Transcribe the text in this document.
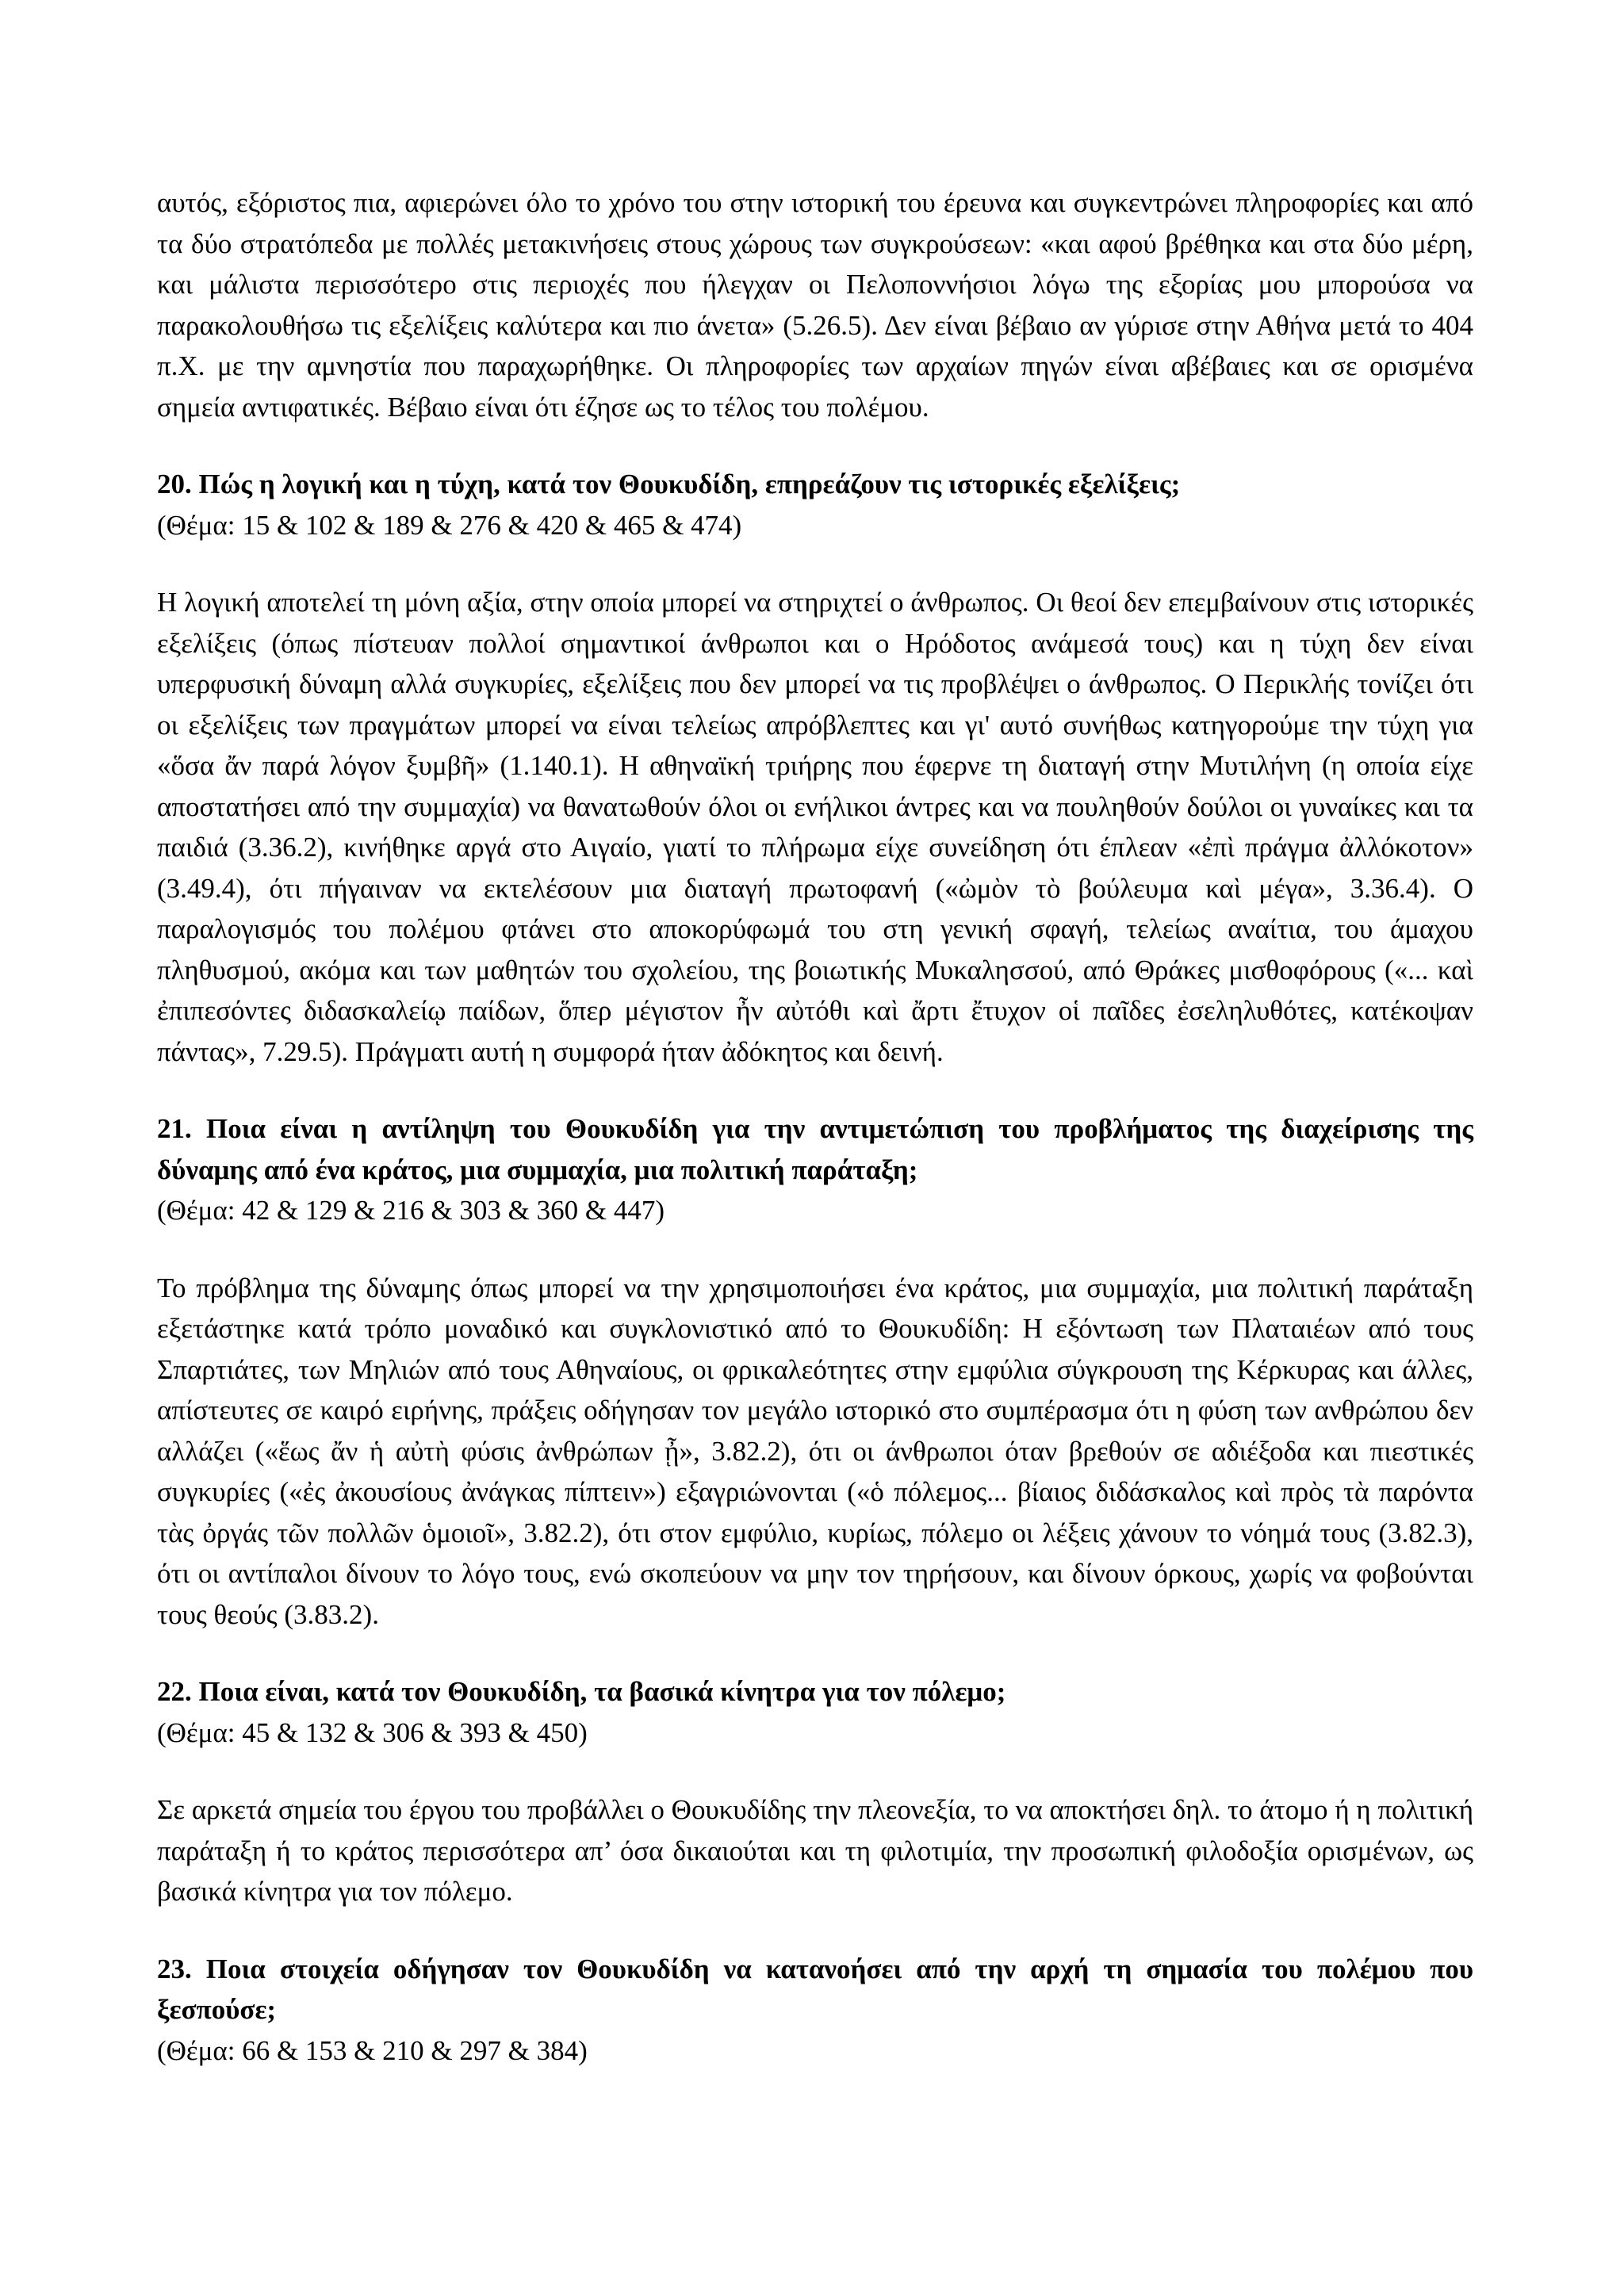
αυτός, εξόριστος πια, αφιερώνει όλο το χρόνο του στην ιστορική του έρευνα και συγκεντρώνει πληροφορίες και από τα δύο στρατόπεδα με πολλές μετακινήσεις στους χώρους των συγκρούσεων: «και αφού βρέθηκα και στα δύο μέρη, και μάλιστα περισσότερο στις περιοχές που ήλεγχαν οι Πελοποννήσιοι λόγω της εξορίας μου μπορούσα να παρακολουθήσω τις εξελίξεις καλύτερα και πιο άνετα» (5.26.5). Δεν είναι βέβαιο αν γύρισε στην Αθήνα μετά το 404 π.Χ. με την αμνηστία που παραχωρήθηκε. Οι πληροφορίες των αρχαίων πηγών είναι αβέβαιες και σε ορισμένα σημεία αντιφατικές. Βέβαιο είναι ότι έζησε ως το τέλος του πολέμου.

20. Πώς η λογική και η τύχη, κατά τον Θουκυδίδη, επηρεάζουν τις ιστορικές εξελίξεις;

(Θέμα: 15 & 102 & 189 & 276 & 420 & 465 & 474)

Η λογική αποτελεί τη μόνη αξία, στην οποία μπορεί να στηριχτεί ο άνθρωπος. Οι θεοί δεν επεμβαίνουν στις ιστορικές εξελίξεις (όπως πίστευαν πολλοί σημαντικοί άνθρωποι και ο Ηρόδοτος ανάμεσά τους) και η τύχη δεν είναι υπερφυσική δύναμη αλλά συγκυρίες, εξελίξεις που δεν μπορεί να τις προβλέψει ο άνθρωπος. Ο Περικλής τονίζει ότι οι εξελίξεις των πραγμάτων μπορεί να είναι τελείως απρόβλεπτες και γι' αυτό συνήθως κατηγορούμε την τύχη για «ὅσα ἄν παρά λόγον ξυμβῆ» (1.140.1). Η αθηναϊκή τριήρης που έφερνε τη διαταγή στην Μυτιλήνη (η οποία είχε αποστατήσει από την συμμαχία) να θανατωθούν όλοι οι ενήλικοι άντρες και να πουληθούν δούλοι οι γυναίκες και τα παιδιά (3.36.2), κινήθηκε αργά στο Αιγαίο, γιατί το πλήρωμα είχε συνείδηση ότι έπλεαν «ἐπὶ πράγμα ἀλλόκοτον» (3.49.4), ότι πήγαιναν να εκτελέσουν μια διαταγή πρωτοφανή («ὠμὸν τὸ βούλευμα καὶ μέγα», 3.36.4). Ο παραλογισμός του πολέμου φτάνει στο αποκορύφωμά του στη γενική σφαγή, τελείως αναίτια, του άμαχου πληθυσμού, ακόμα και των μαθητών του σχολείου, της βοιωτικής Μυκαλησσού, από Θράκες μισθοφόρους («... καὶ ἐπιπεσόντες διδασκαλείῳ παίδων, ὅπερ μέγιστον ἦν αὐτόθι καὶ ἄρτι ἔτυχον οἱ παῖδες ἐσεληλυθότες, κατέκοψαν πάντας», 7.29.5). Πράγματι αυτή η συμφορά ήταν ἀδόκητος και δεινή.

21. Ποια είναι η αντίληψη του Θουκυδίδη για την αντιμετώπιση του προβλήματος της διαχείρισης της δύναμης από ένα κράτος, μια συμμαχία, μια πολιτική παράταξη;

(Θέμα: 42 & 129 & 216 & 303 & 360 & 447)

Το πρόβλημα της δύναμης όπως μπορεί να την χρησιμοποιήσει ένα κράτος, μια συμμαχία, μια πολιτική παράταξη εξετάστηκε κατά τρόπο μοναδικό και συγκλονιστικό από το Θουκυδίδη: Η εξόντωση των Πλαταιέων από τους Σπαρτιάτες, των Μηλιών από τους Αθηναίους, οι φρικαλεότητες στην εμφύλια σύγκρουση της Κέρκυρας και άλλες, απίστευτες σε καιρό ειρήνης, πράξεις οδήγησαν τον μεγάλο ιστορικό στο συμπέρασμα ότι η φύση των ανθρώπου δεν αλλάζει («ἕως ἄν ἡ αὐτὴ φύσις ἀνθρώπων ᾖ», 3.82.2), ότι οι άνθρωποι όταν βρεθούν σε αδιέξοδα και πιεστικές συγκυρίες («ἐς ἀκουσίους ἀνάγκας πίπτειν») εξαγριώνονται («ὁ πόλεμος... βίαιος διδάσκαλος καὶ πρὸς τὰ παρόντα τὰς ὀργάς τῶν πολλῶν ὁμοιοῖ», 3.82.2), ότι στον εμφύλιο, κυρίως, πόλεμο οι λέξεις χάνουν το νόημά τους (3.82.3), ότι οι αντίπαλοι δίνουν το λόγο τους, ενώ σκοπεύουν να μην τον τηρήσουν, και δίνουν όρκους, χωρίς να φοβούνται τους θεούς (3.83.2).

22. Ποια είναι, κατά τον Θουκυδίδη, τα βασικά κίνητρα για τον πόλεμο;

(Θέμα: 45 & 132 & 306 & 393 & 450)

Σε αρκετά σημεία του έργου του προβάλλει ο Θουκυδίδης την πλεονεξία, το να αποκτήσει δηλ. το άτομο ή η πολιτική παράταξη ή το κράτος περισσότερα απ’ όσα δικαιούται και τη φιλοτιμία, την προσωπική φιλοδοξία ορισμένων, ως βασικά κίνητρα για τον πόλεμο.

23. Ποια στοιχεία οδήγησαν τον Θουκυδίδη να κατανοήσει από την αρχή τη σημασία του πολέμου που ξεσπούσε;

(Θέμα: 66 & 153 & 210 & 297 & 384)
